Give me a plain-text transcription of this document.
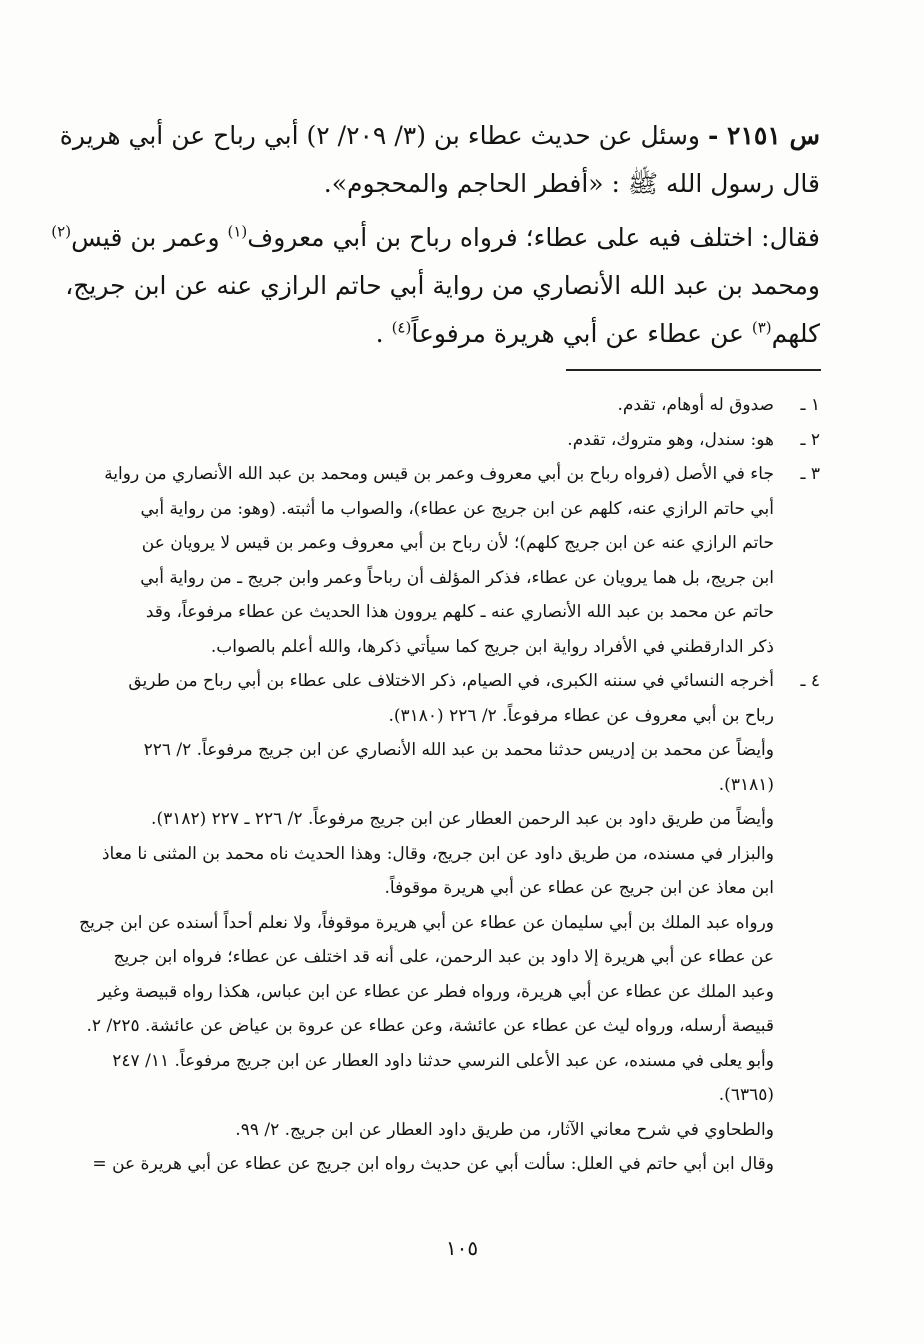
س ٢١٥١ - وسئل عن حديث عطاء بن (٣/ ٢٠٩/ ٢) أبي رباح عن أبي هريرة
قال رسول الله ﷺ : «أفطر الحاجم والمحجوم».
فقال: اختلف فيه على عطاء؛ فرواه رباح بن أبي معروف$^{(١)}$ وعمر بن قيس$^{(٢)}$
ومحمد بن عبد الله الأنصاري من رواية أبي حاتم الرازي عنه عن ابن جريج،
كلهم$^{(٣)}$ عن عطاء عن أبي هريرة مرفوعاً$^{(٤)}$ .
١ ـ
صدوق له أوهام، تقدم.
٢ ـ
هو: سندل، وهو متروك، تقدم.
٣ ـ
جاء في الأصل (فرواه رباح بن أبي معروف وعمر بن قيس ومحمد بن عبد الله الأنصاري من رواية
أبي حاتم الرازي عنه، كلهم عن ابن جريج عن عطاء)، والصواب ما أثبته. (وهو: من رواية أبي
حاتم الرازي عنه عن ابن جريج كلهم)؛ لأن رباح بن أبي معروف وعمر بن قيس لا يرويان عن
ابن جريج، بل هما يرويان عن عطاء، فذكر المؤلف أن رباحاً وعمر وابن جريج ـ من رواية أبي
حاتم عن محمد بن عبد الله الأنصاري عنه ـ كلهم يروون هذا الحديث عن عطاء مرفوعاً، وقد
ذكر الدارقطني في الأفراد رواية ابن جريج كما سيأتي ذكرها، والله أعلم بالصواب.
٤ ـ
أخرجه النسائي في سننه الكبرى، في الصيام، ذكر الاختلاف على عطاء بن أبي رباح من طريق
رباح بن أبي معروف عن عطاء مرفوعاً. ٢/ ٢٢٦ (٣١٨٠).
وأيضاً عن محمد بن إدريس حدثنا محمد بن عبد الله الأنصاري عن ابن جريج مرفوعاً. ٢/ ٢٢٦
(٣١٨١).
وأيضاً من طريق داود بن عبد الرحمن العطار عن ابن جريج مرفوعاً. ٢/ ٢٢٦ ـ ٢٢٧ (٣١٨٢).
والبزار في مسنده، من طريق داود عن ابن جريج، وقال: وهذا الحديث ناه محمد بن المثنى نا معاذ
ابن معاذ عن ابن جريج عن عطاء عن أبي هريرة موقوفاً.
ورواه عبد الملك بن أبي سليمان عن عطاء عن أبي هريرة موقوفاً، ولا نعلم أحداً أسنده عن ابن جريج
عن عطاء عن أبي هريرة إلا داود بن عبد الرحمن، على أنه قد اختلف عن عطاء؛ فرواه ابن جريج
وعبد الملك عن عطاء عن أبي هريرة، ورواه فطر عن عطاء عن ابن عباس، هكذا رواه قبيصة وغير
قبيصة أرسله، ورواه ليث عن عطاء عن عائشة، وعن عطاء عن عروة بن عياض عن عائشة. ٢٢٥/ ٢.
وأبو يعلى في مسنده، عن عبد الأعلى النرسي حدثنا داود العطار عن ابن جريج مرفوعاً. ١١/ ٢٤٧
(٦٣٦٥).
والطحاوي في شرح معاني الآثار، من طريق داود العطار عن ابن جريج. ٢/ ٩٩.
وقال ابن أبي حاتم في العلل: سألت أبي عن حديث رواه ابن جريج عن عطاء عن أبي هريرة عن =
١٠٥
